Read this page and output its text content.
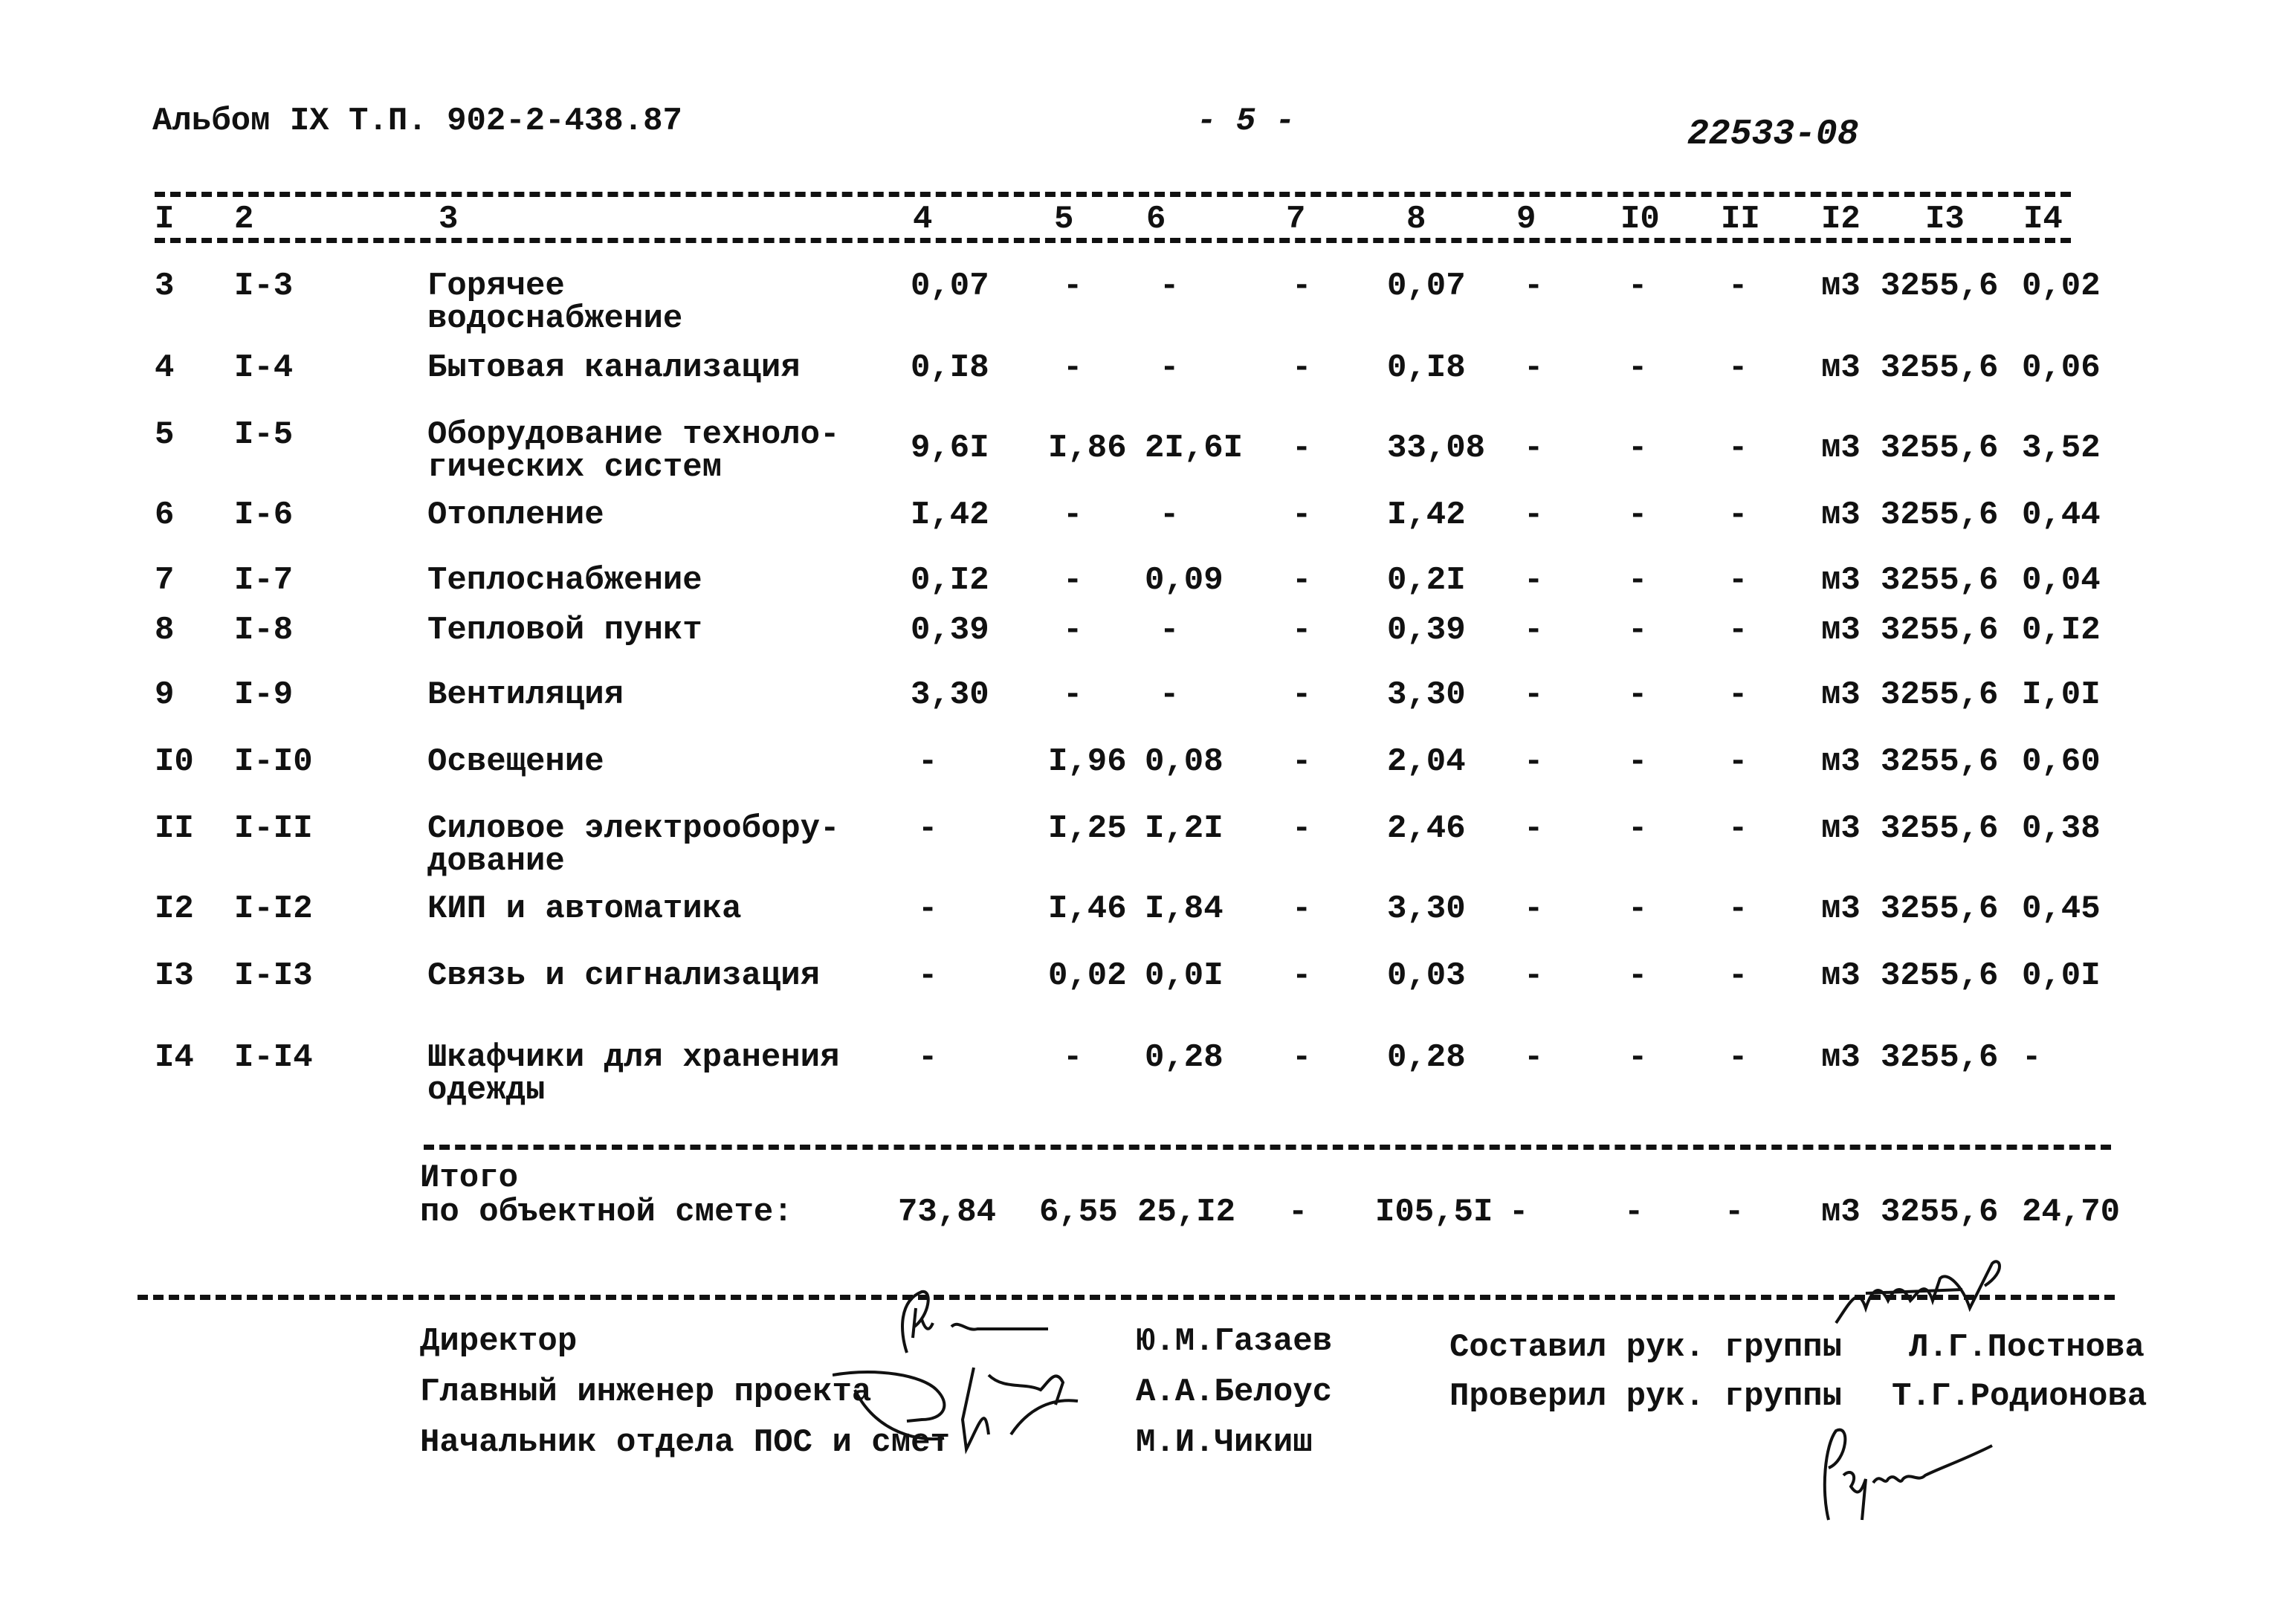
Альбом IX Т.П. 902-2-438.87	- 5 -	22533-08
I 2	3	4	5 6	7	8	9	I0 II I2 I3 I4
3 I-3	Горячее
водоснабжение
0,07 - -	- 0,07 -	- - м3 3255,6 0,02
4 I-4	Бытовая канализация	0,I8 - -	- 0,I8 -	- - м3 3255,6 0,06
5 I-5	Оборудование техноло-
гических систем
9,6I I,86 2I,6I - 33,08 -	- - м3 3255,6 3,52
6 I-6	Отопление	I,42 - -	- I,42 -	- - м3 3255,6 0,44
7 I-7	Теплоснабжение	0,I2 - 0,09 - 0,2I -	- - м3 3255,6 0,04
8 I-8	Тепловой пункт	0,39 - -	- 0,39 -	- - м3 3255,6 0,I2
9 I-9	Вентиляция	3,30 - -	- 3,30 -	- - м3 3255,6 I,0I
I0 I-I0	Освещение	-	I,96 0,08 - 2,04 -	- - м3 3255,6 0,60
II I-II	Силовое электрообору-
дование
-	I,25 I,2I - 2,46 -	- - м3 3255,6 0,38
I2 I-I2	КИП и автоматика	-	I,46 I,84 - 3,30 -	- - м3 3255,6 0,45
I3 I-I3	Связь и сигнализация	-	0,02 0,0I - 0,03 -	- - м3 3255,6 0,0I
I4 I-I4	Шкафчики для хранения
одежды
-	- 0,28 - 0,28 -	- - м3 3255,6 -
Итого
по объектной смете:	73,84 6,55 25,I2 - I05,5I -	- - м3 3255,6 24,70
Директор	Ю.М.Газаев
Главный инженер проекта	А.А.Белоус
Начальник отдела ПОС и смет	М.И.Чикиш
Составил рук. группы Л.Г.Постнова
Проверил рук. группы Т.Г.Родионова
